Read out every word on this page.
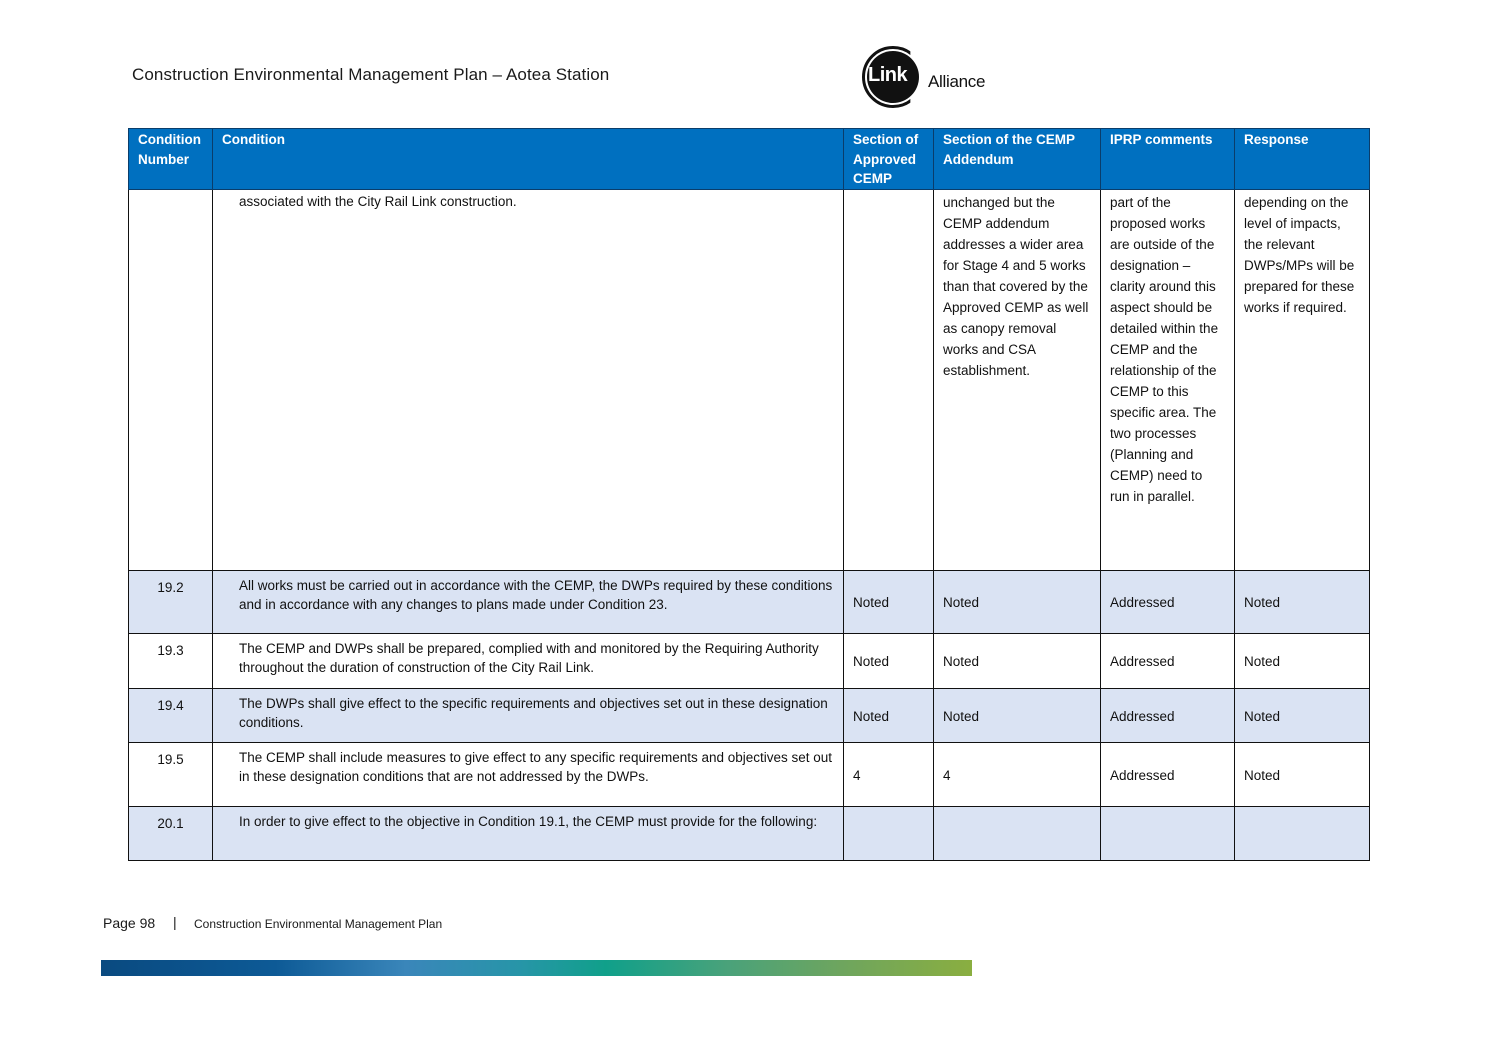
Construction Environmental Management Plan – Aotea Station	Link Alliance
Condition Number	Condition	Section of Approved CEMP	Section of the CEMP Addendum	IPRP comments	Response
	associated with the City Rail Link construction.		unchanged but the CEMP addendum addresses a wider area for Stage 4 and 5 works than that covered by the Approved CEMP as well as canopy removal works and CSA establishment.	part of the proposed works are outside of the designation – clarity around this aspect should be detailed within the CEMP and the relationship of the CEMP to this specific area. The two processes (Planning and CEMP) need to run in parallel.	depending on the level of impacts, the relevant DWPs/MPs will be prepared for these works if required.
19.2	All works must be carried out in accordance with the CEMP, the DWPs required by these conditions and in accordance with any changes to plans made under Condition 23.	Noted	Noted	Addressed	Noted
19.3	The CEMP and DWPs shall be prepared, complied with and monitored by the Requiring Authority throughout the duration of construction of the City Rail Link.	Noted	Noted	Addressed	Noted
19.4	The DWPs shall give effect to the specific requirements and objectives set out in these designation conditions.	Noted	Noted	Addressed	Noted
19.5	The CEMP shall include measures to give effect to any specific requirements and objectives set out in these designation conditions that are not addressed by the DWPs.	4	4	Addressed	Noted
20.1	In order to give effect to the objective in Condition 19.1, the CEMP must provide for the following:				
Page 98 | Construction Environmental Management Plan
